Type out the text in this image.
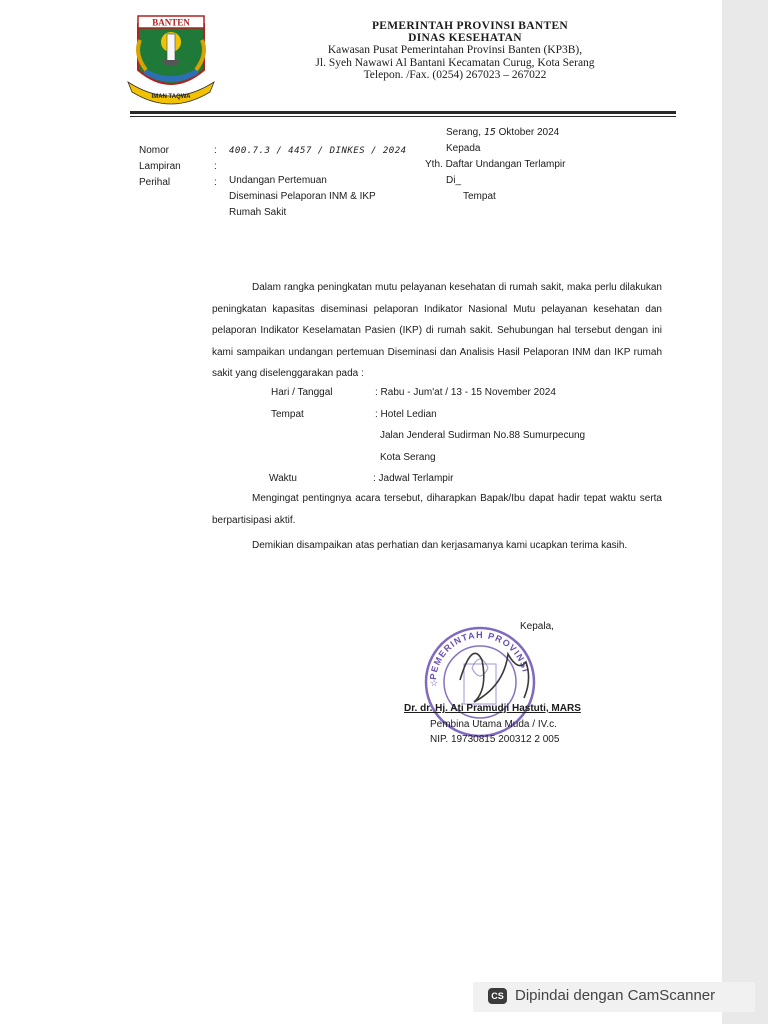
BANTEN
IMAN TAQWA
PEMERINTAH PROVINSI BANTEN
DINAS KESEHATAN
Kawasan Pusat Pemerintahan Provinsi Banten (KP3B),
Jl. Syeh Nawawi Al Bantani Kecamatan Curug, Kota Serang
Telepon. /Fax. (0254) 267023 – 267022
Nomor
Lampiran
Perihal
:
:
:
400.7.3 / 4457 / DINKES / 2024
Undangan Pertemuan
Diseminasi Pelaporan INM & IKP
Rumah Sakit
Serang, 15 Oktober 2024
Kepada
Yth. Daftar Undangan Terlampir
Di_
Tempat

Dalam rangka peningkatan mutu pelayanan kesehatan di rumah sakit, maka perlu dilakukan peningkatan kapasitas diseminasi pelaporan Indikator Nasional Mutu pelayanan kesehatan dan pelaporan Indikator Keselamatan Pasien (IKP) di rumah sakit. Sehubungan hal tersebut dengan ini kami sampaikan undangan pertemuan Diseminasi dan Analisis Hasil Pelaporan INM dan IKP rumah sakit yang diselenggarakan pada :

Hari / Tanggal
Tempat
Waktu
: Rabu - Jum'at / 13 - 15 November 2024
: Hotel Ledian
Jalan Jenderal Sudirman No.88 Sumurpecung
Kota Serang
: Jadwal Terlampir

Mengingat pentingnya acara tersebut, diharapkan Bapak/Ibu dapat hadir tepat waktu serta berpartisipasi aktif.

Demikian disampaikan atas perhatian dan kerjasamanya kami ucapkan terima kasih.

PEMERINTAH PROVINSI
☆
Kepala,
Dr. dr. Hj. Ati Pramudji Hastuti, MARS
Pembina Utama Muda / IV.c.
NIP. 19730815 200312 2 005
CS Dipindai dengan CamScanner
